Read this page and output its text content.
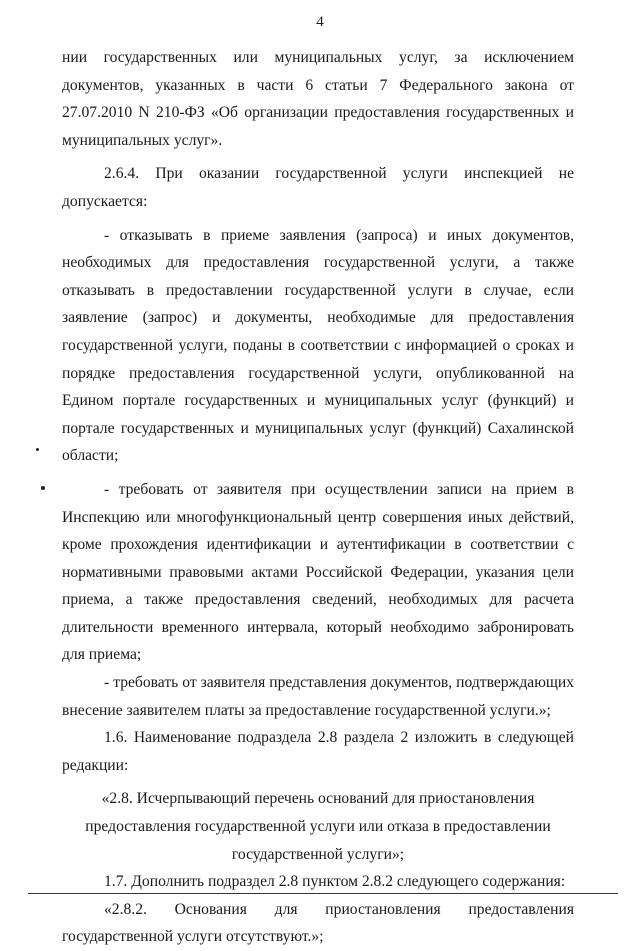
4

нии государственных или муниципальных услуг, за исключением документов, указанных в части 6 статьи 7 Федерального закона от 27.07.2010 N 210-ФЗ «Об организации предоставления государственных и муниципальных услуг».

2.6.4. При оказании государственной услуги инспекцией не допускается:

- отказывать в приеме заявления (запроса) и иных документов, необходимых для предоставления государственной услуги, а также отказывать в предоставлении государственной услуги в случае, если заявление (запрос) и документы, необходимые для предоставления государственной услуги, поданы в соответствии с информацией о сроках и порядке предоставления государственной услуги, опубликованной на Едином портале государственных и муниципальных услуг (функций) и портале государственных и муниципальных услуг (функций) Сахалинской области;

- требовать от заявителя при осуществлении записи на прием в Инспекцию или многофункциональный центр совершения иных действий, кроме прохождения идентификации и аутентификации в соответствии с нормативными правовыми актами Российской Федерации, указания цели приема, а также предоставления сведений, необходимых для расчета длительности временного интервала, который необходимо забронировать для приема;

- требовать от заявителя представления документов, подтверждающих внесение заявителем платы за предоставление государственной услуги.»;

1.6. Наименование подраздела 2.8 раздела 2 изложить в следующей редакции:

«2.8. Исчерпывающий перечень оснований для приостановления предоставления государственной услуги или отказа в предоставлении государственной услуги»;

1.7. Дополнить подраздел 2.8 пунктом 2.8.2 следующего содержания:

«2.8.2. Основания для приостановления предоставления государственной услуги отсутствуют.»;
